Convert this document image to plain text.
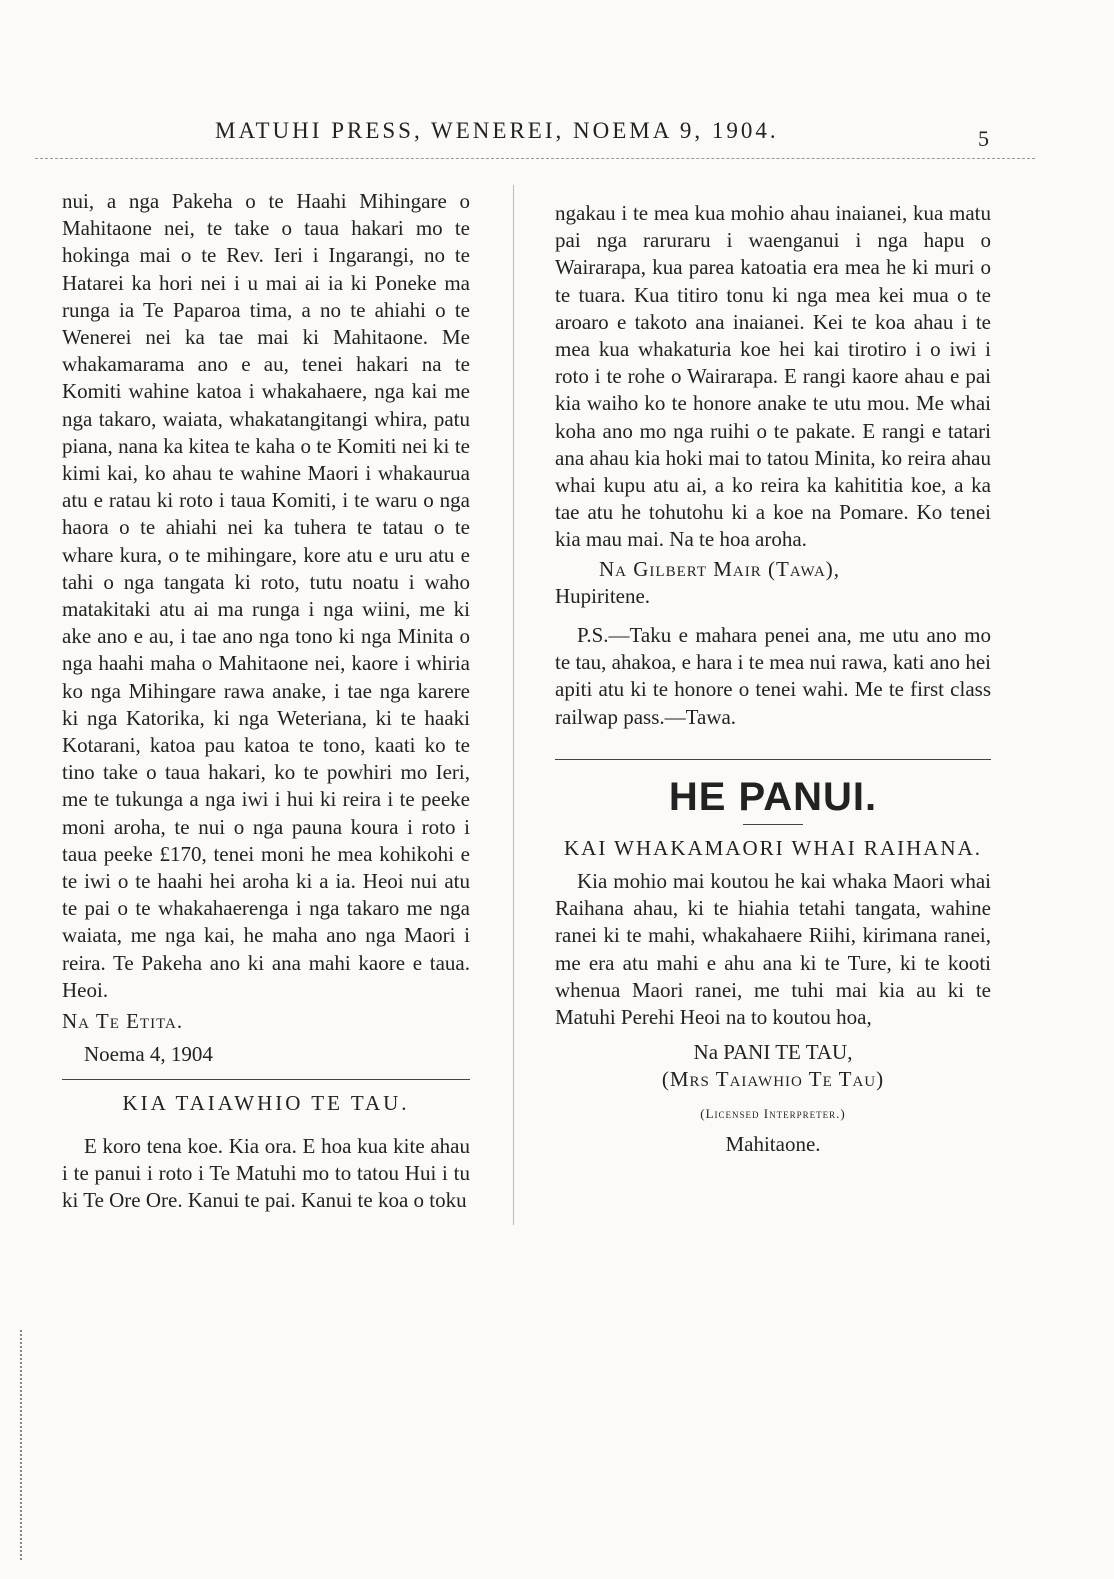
MATUHI PRESS, WENEREI, NOEMA 9, 1904.	5

nui, a nga Pakeha o te Haahi Mihingare o Mahitaone nei, te take o taua hakari mo te hokinga mai o te Rev. Ieri i Ingarangi, no te Hatarei ka hori nei i u mai ai ia ki Poneke ma runga ia Te Paparoa tima, a no te ahiahi o te Wenerei nei ka tae mai ki Mahitaone. Me whakamarama ano e au, tenei hakari na te Komiti wahine katoa i whakahaere, nga kai me nga takaro, waiata, whakatangitangi whira, patu piana, nana ka kitea te kaha o te Komiti nei ki te kimi kai, ko ahau te wahine Maori i whakaurua atu e ratau ki roto i taua Komiti, i te waru o nga haora o te ahiahi nei ka tuhera te tatau o te whare kura, o te mihingare, kore atu e uru atu e tahi o nga tangata ki roto, tutu noatu i waho matakitaki atu ai ma runga i nga wiini, me ki ake ano e au, i tae ano nga tono ki nga Minita o nga haahi maha o Mahitaone nei, kaore i whiria ko nga Mihingare rawa anake, i tae nga karere ki nga Katorika, ki nga Weteriana, ki te haaki Kotarani, katoa pau katoa te tono, kaati ko te tino take o taua hakari, ko te powhiri mo Ieri, me te tukunga a nga iwi i hui ki reira i te peeke moni aroha, te nui o nga pauna koura i roto i taua peeke £170, tenei moni he mea kohikohi e te iwi o te haahi hei aroha ki a ia. Heoi nui atu te pai o te whakahaerenga i nga takaro me nga waiata, me nga kai, he maha ano nga Maori i reira. Te Pakeha ano ki ana mahi kaore e taua. Heoi.

Na Te Etita.

Noema 4, 1904

KIA TAIAWHIO TE TAU.

E koro tena koe. Kia ora. E hoa kua kite ahau i te panui i roto i Te Matuhi mo to tatou Hui i tu ki Te Ore Ore. Kanui te pai. Kanui te koa o toku

ngakau i te mea kua mohio ahau inaianei, kua matu pai nga raruraru i waenganui i nga hapu o Wairarapa, kua parea katoatia era mea he ki muri o te tuara. Kua titiro tonu ki nga mea kei mua o te aroaro e takoto ana inaianei. Kei te koa ahau i te mea kua whakaturia koe hei kai tirotiro i o iwi i roto i te rohe o Wairarapa. E rangi kaore ahau e pai kia waiho ko te honore anake te utu mou. Me whai koha ano mo nga ruihi o te pakate. E rangi e tatari ana ahau kia hoki mai to tatou Minita, ko reira ahau whai kupu atu ai, a ko reira ka kahititia koe, a ka tae atu he tohutohu ki a koe na Pomare. Ko tenei kia mau mai. Na te hoa aroha.

Na Gilbert Mair (Tawa),

Hupiritene.

P.S.—Taku e mahara penei ana, me utu ano mo te tau, ahakoa, e hara i te mea nui rawa, kati ano hei apiti atu ki te honore o tenei wahi. Me te first class railwap pass.—Tawa.

HE PANUI.

KAI WHAKAMAORI WHAI RAIHANA.

Kia mohio mai koutou he kai whaka Maori whai Raihana ahau, ki te hiahia tetahi tangata, wahine ranei ki te mahi, whakahaere Riihi, kirimana ranei, me era atu mahi e ahu ana ki te Ture, ki te kooti whenua Maori ranei, me tuhi mai kia au ki te Matuhi Perehi Heoi na to koutou hoa,

Na PANI TE TAU,

(Mrs Taiawhio Te Tau)

(Licensed Interpreter.)

Mahitaone.
